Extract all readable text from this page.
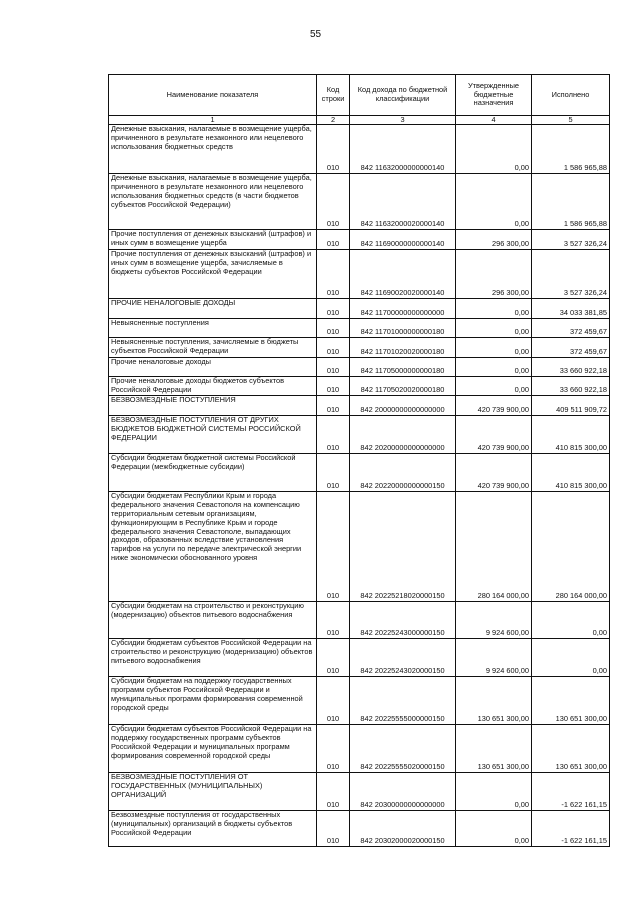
55
Наименование показателя	Код строки	Код дохода по бюджетной классификации	Утвержденные бюджетные назначения	Исполнено
1	2	3	4	5
Денежные взыскания, налагаемые в возмещение ущерба, причиненного в результате незаконного или нецелевого использования бюджетных средств	010	842 11632000000000140	0,00	1 586 965,88
Денежные взыскания, налагаемые в возмещение ущерба, причиненного в результате незаконного или нецелевого использования бюджетных средств (в части бюджетов субъектов Российской Федерации)	010	842 11632000020000140	0,00	1 586 965,88
Прочие поступления от денежных взысканий (штрафов) и иных сумм в возмещение ущерба	010	842 11690000000000140	296 300,00	3 527 326,24
Прочие поступления от денежных взысканий (штрафов) и иных сумм в возмещение ущерба, зачисляемые в бюджеты субъектов Российской Федерации	010	842 11690020020000140	296 300,00	3 527 326,24
ПРОЧИЕ НЕНАЛОГОВЫЕ ДОХОДЫ	010	842 11700000000000000	0,00	34 033 381,85
Невыясненные поступления	010	842 11701000000000180	0,00	372 459,67
Невыясненные поступления, зачисляемые в бюджеты субъектов Российской Федерации	010	842 11701020020000180	0,00	372 459,67
Прочие неналоговые доходы	010	842 11705000000000180	0,00	33 660 922,18
Прочие неналоговые доходы бюджетов субъектов Российской Федерации	010	842 11705020020000180	0,00	33 660 922,18
БЕЗВОЗМЕЗДНЫЕ ПОСТУПЛЕНИЯ	010	842 20000000000000000	420 739 900,00	409 511 909,72
БЕЗВОЗМЕЗДНЫЕ ПОСТУПЛЕНИЯ ОТ ДРУГИХ БЮДЖЕТОВ БЮДЖЕТНОЙ СИСТЕМЫ РОССИЙСКОЙ ФЕДЕРАЦИИ	010	842 20200000000000000	420 739 900,00	410 815 300,00
Субсидии бюджетам бюджетной системы Российской Федерации (межбюджетные субсидии)	010	842 20220000000000150	420 739 900,00	410 815 300,00
Субсидии бюджетам Республики Крым и города федерального значения Севастополя на компенсацию территориальным сетевым организациям, функционирующим в Республике Крым и городе федерального значения Севастополе, выпадающих доходов, образованных вследствие установления тарифов на услуги по передаче электрической энергии ниже экономически обоснованного уровня	010	842 20225218020000150	280 164 000,00	280 164 000,00
Субсидии бюджетам на строительство и реконструкцию (модернизацию) объектов питьевого водоснабжения	010	842 20225243000000150	9 924 600,00	0,00
Субсидии бюджетам субъектов Российской Федерации на строительство и реконструкцию (модернизацию) объектов питьевого водоснабжения	010	842 20225243020000150	9 924 600,00	0,00
Субсидии бюджетам на поддержку государственных программ субъектов Российской Федерации и муниципальных программ формирования современной городской среды	010	842 20225555000000150	130 651 300,00	130 651 300,00
Субсидии бюджетам субъектов Российской Федерации на поддержку государственных программ субъектов Российской Федерации и муниципальных программ формирования современной городской среды	010	842 20225555020000150	130 651 300,00	130 651 300,00
БЕЗВОЗМЕЗДНЫЕ ПОСТУПЛЕНИЯ ОТ ГОСУДАРСТВЕННЫХ (МУНИЦИПАЛЬНЫХ) ОРГАНИЗАЦИЙ	010	842 20300000000000000	0,00	-1 622 161,15
Безвозмездные поступления от государственных (муниципальных) организаций в бюджеты субъектов Российской Федерации	010	842 20302000020000150	0,00	-1 622 161,15
